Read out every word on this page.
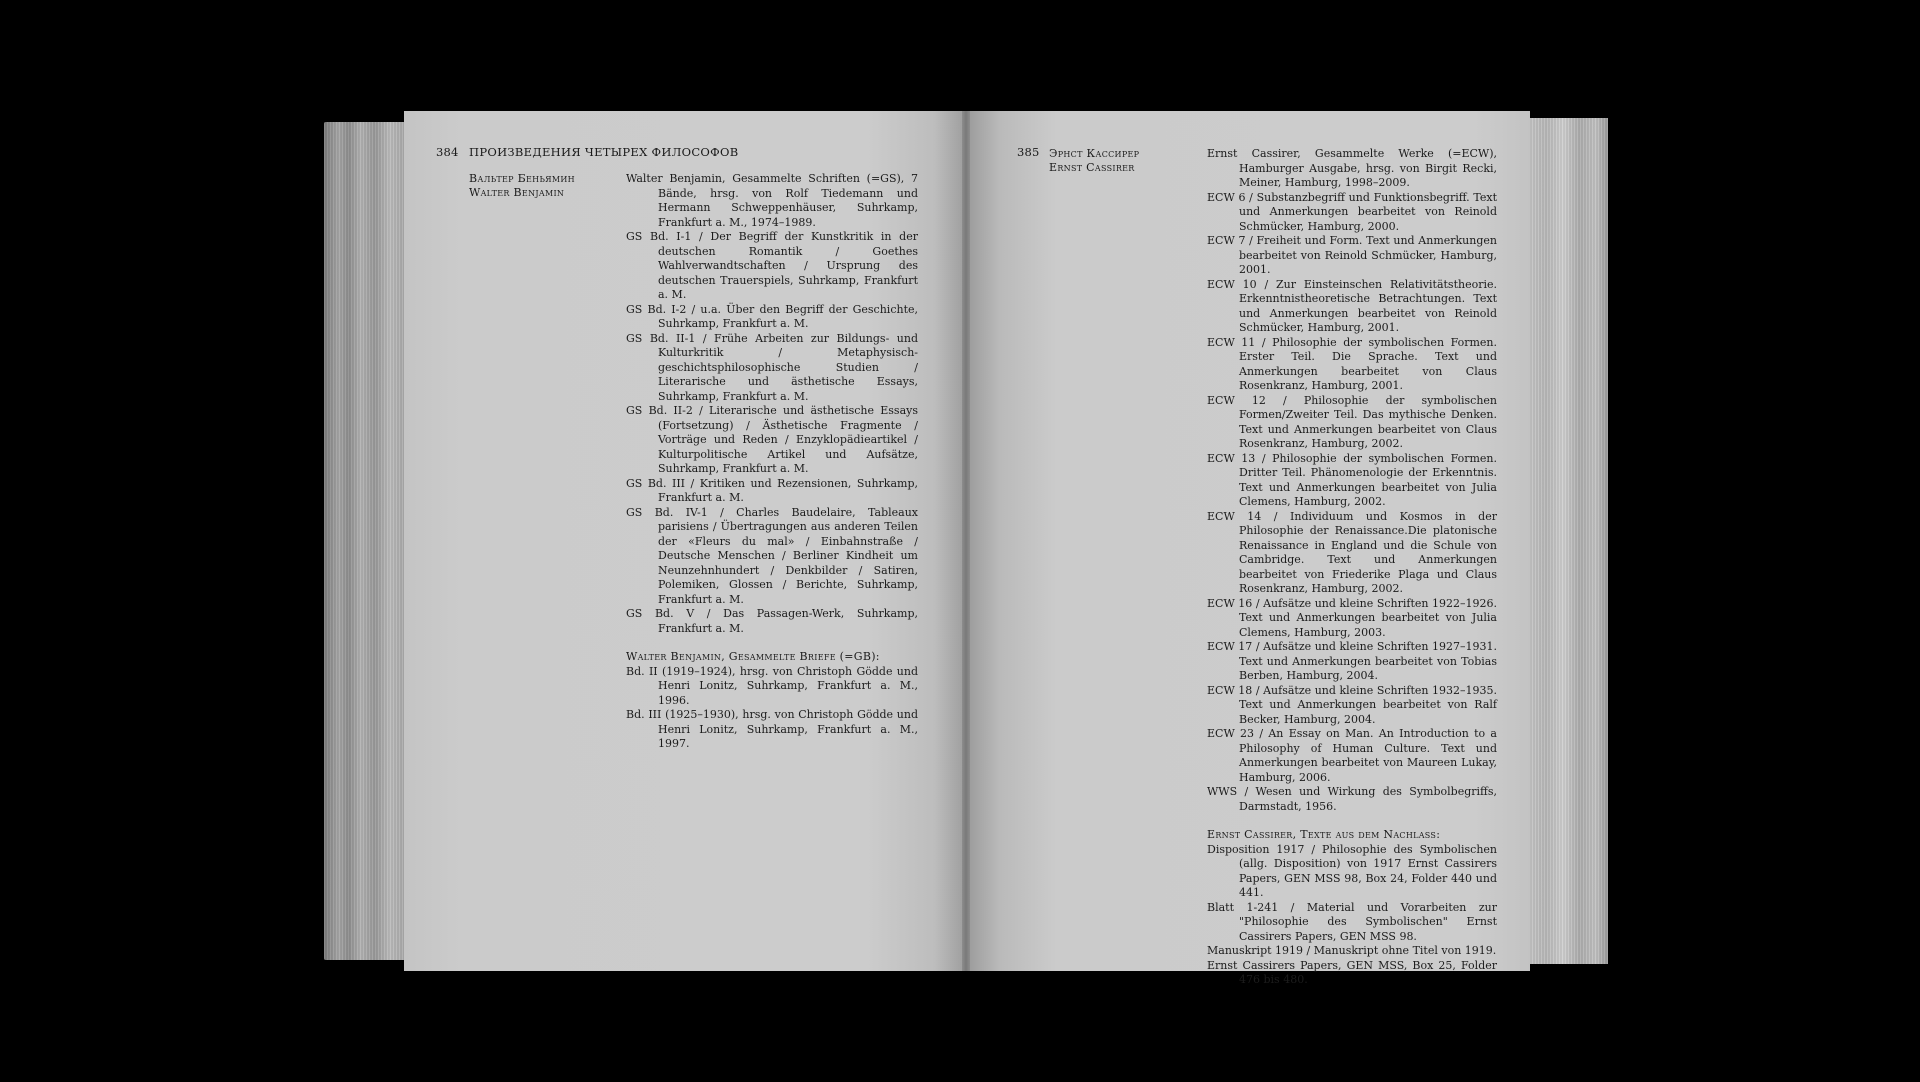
384 ПРОИЗВЕДЕНИЯ ЧЕТЫРЕХ ФИЛОСОФОВ
Вальтер Беньямин
Walter Benjamin

Walter Benjamin, Gesammelte Schriften (=GS), 7 Bände, hrsg. von Rolf Tiedemann und Hermann Schweppenhäuser, Suhrkamp, Frankfurt a. M., 1974–1989.

GS Bd. I-1 / Der Begriff der Kunstkritik in der deutschen Romantik / Goethes Wahlverwandtschaften / Ursprung des deutschen Trauerspiels, Suhrkamp, Frankfurt a. M.

GS Bd. I-2 / u.a. Über den Begriff der Geschichte, Suhrkamp, Frankfurt a. M.

GS Bd. II-1 / Frühe Arbeiten zur Bildungs- und Kulturkritik / Metaphysisch-geschichtsphilosophische Studien / Literarische und ästhetische Essays, Suhrkamp, Frankfurt a. M.

GS Bd. II-2 / Literarische und ästhetische Essays (Fortsetzung) / Ästhetische Fragmente / Vorträge und Reden / Enzyklopädieartikel / Kulturpolitische Artikel und Aufsätze, Suhrkamp, Frankfurt a. M.

GS Bd. III / Kritiken und Rezensionen, Suhrkamp, Frankfurt a. M.

GS Bd. IV-1 / Charles Baudelaire, Tableaux parisiens / Übertragungen aus anderen Teilen der «Fleurs du mal» / Einbahnstraße / Deutsche Menschen / Berliner Kindheit um Neunzehnhundert / Denkbilder / Satiren, Polemiken, Glossen / Berichte, Suhrkamp, Frankfurt a. M.

GS Bd. V / Das Passagen-Werk, Suhrkamp, Frankfurt a. M.

Walter Benjamin, Gesammelte Briefe (=GB):

Bd. II (1919–1924), hrsg. von Christoph Gödde und Henri Lonitz, Suhrkamp, Frankfurt a. M., 1996.

Bd. III (1925–1930), hrsg. von Christoph Gödde und Henri Lonitz, Suhrkamp, Frankfurt a. M., 1997.

385 Эрнст Кассирер
Ernst Cassirer

Ernst Cassirer, Gesammelte Werke (=ECW), Hamburger Ausgabe, hrsg. von Birgit Recki, Meiner, Hamburg, 1998–2009.

ECW 6 / Substanzbegriff und Funktionsbegriff. Text und Anmerkungen bearbeitet von Reinold Schmücker, Hamburg, 2000.

ECW 7 / Freiheit und Form. Text und Anmerkungen bearbeitet von Reinold Schmücker, Hamburg, 2001.

ECW 10 / Zur Einsteinschen Relativitätstheorie. Erkenntnistheoretische Betrachtungen. Text und Anmerkungen bearbeitet von Reinold Schmücker, Hamburg, 2001.

ECW 11 / Philosophie der symbolischen Formen. Erster Teil. Die Sprache. Text und Anmerkungen bearbeitet von Claus Rosenkranz, Hamburg, 2001.

ECW 12 / Philosophie der symbolischen Formen/Zweiter Teil. Das mythische Denken. Text und Anmerkungen bearbeitet von Claus Rosenkranz, Hamburg, 2002.

ECW 13 / Philosophie der symbolischen Formen. Dritter Teil. Phänomenologie der Erkenntnis. Text und Anmerkungen bearbeitet von Julia Clemens, Hamburg, 2002.

ECW 14 / Individuum und Kosmos in der Philosophie der Renaissance.Die platonische Renaissance in England und die Schule von Cambridge. Text und Anmerkungen bearbeitet von Friederike Plaga und Claus Rosenkranz, Hamburg, 2002.

ECW 16 / Aufsätze und kleine Schriften 1922–1926. Text und Anmerkungen bearbeitet von Julia Clemens, Hamburg, 2003.

ECW 17 / Aufsätze und kleine Schriften 1927–1931. Text und Anmerkungen bearbeitet von Tobias Berben, Hamburg, 2004.

ECW 18 / Aufsätze und kleine Schriften 1932–1935. Text und Anmerkungen bearbeitet von Ralf Becker, Hamburg, 2004.

ECW 23 / An Essay on Man. An Introduction to a Philosophy of Human Culture. Text und Anmerkungen bearbeitet von Maureen Lukay, Hamburg, 2006.

WWS / Wesen und Wirkung des Symbolbegriffs, Darmstadt, 1956.

Ernst Cassirer, Texte aus dem Nachlass:

Disposition 1917 / Philosophie des Symbolischen (allg. Disposition) von 1917 Ernst Cassirers Papers, GEN MSS 98, Box 24, Folder 440 und 441.

Blatt 1-241 / Material und Vorarbeiten zur "Philosophie des Symbolischen" Ernst Cassirers Papers, GEN MSS 98.

Manuskript 1919 / Manuskript ohne Titel von 1919.

Ernst Cassirers Papers, GEN MSS, Box 25, Folder 476 bis 480.
